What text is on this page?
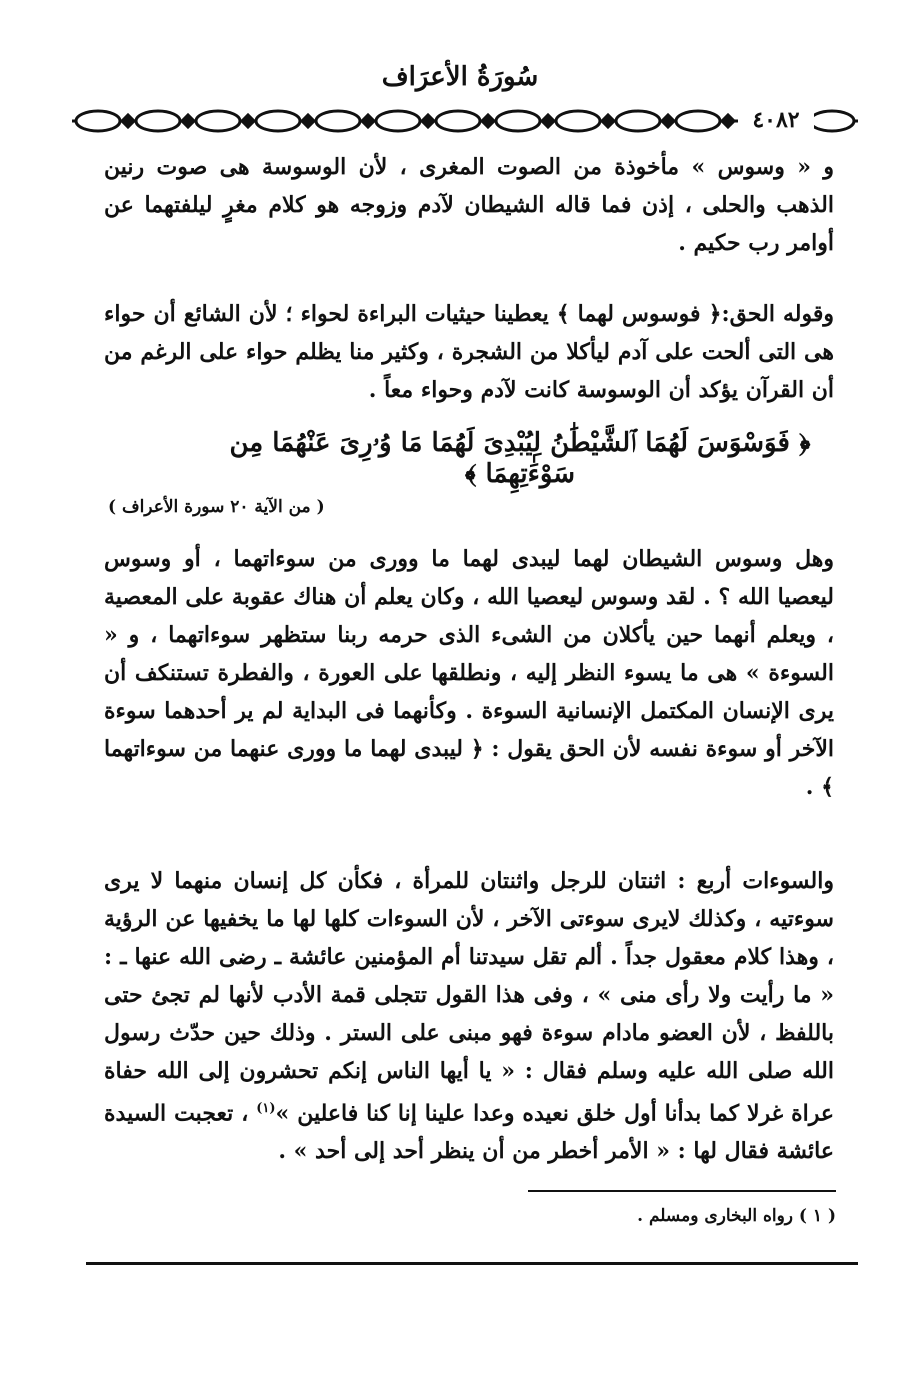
سُورَةُ الأعرَاف
٤٠٨٢
و « وسوس » مأخوذة من الصوت المغرى ، لأن الوسوسة هى صوت رنين الذهب والحلى ، إذن فما قاله الشيطان لآدم وزوجه هو كلام مغرٍ ليلفتهما عن أوامر رب حكيم .
وقوله الحق:﴿ فوسوس لهما ﴾ يعطينا حيثيات البراءة لحواء ؛ لأن الشائع أن حواء هى التى ألحت على آدم ليأكلا من الشجرة ، وكثير منا يظلم حواء على الرغم من أن القرآن يؤكد أن الوسوسة كانت لآدم وحواء معاً .
﴿ فَوَسْوَسَ لَهُمَا ٱلشَّيْطَٰنُ لِيُبْدِىَ لَهُمَا مَا وُۥرِىَ عَنْهُمَا مِن سَوْءَٰتِهِمَا ﴾
( من الآية ٢٠ سورة الأعراف )
وهل وسوس الشيطان لهما ليبدى لهما ما وورى من سوءاتهما ، أو وسوس ليعصيا الله ؟ . لقد وسوس ليعصيا الله ، وكان يعلم أن هناك عقوبة على المعصية ، ويعلم أنهما حين يأكلان من الشىء الذى حرمه ربنا ستظهر سوءاتهما ، و « السوءة » هى ما يسوء النظر إليه ، ونطلقها على العورة ، والفطرة تستنكف أن يرى الإنسان المكتمل الإنسانية السوءة . وكأنهما فى البداية لم ير أحدهما سوءة الآخر أو سوءة نفسه لأن الحق يقول : ﴿ ليبدى لهما ما وورى عنهما من سوءاتهما ﴾ .
والسوءات أربع : اثنتان للرجل واثنتان للمرأة ، فكأن كل إنسان منهما لا يرى سوءتيه ، وكذلك لايرى سوءتى الآخر ، لأن السوءات كلها لها ما يخفيها عن الرؤية ، وهذا كلام معقول جداً . ألم تقل سيدتنا أم المؤمنين عائشة ـ رضى الله عنها ـ : « ما رأيت ولا رأى منى » ، وفى هذا القول تتجلى قمة الأدب لأنها لم تجئ حتى باللفظ ، لأن العضو مادام سوءة فهو مبنى على الستر . وذلك حين حدّث رسول الله صلى الله عليه وسلم فقال : « يا أيها الناس إنكم تحشرون إلى الله حفاة عراة غرلا كما بدأنا أول خلق نعيده وعدا علينا إنا كنا فاعلين »$^{(١)}$ ، تعجبت السيدة عائشة فقال لها : « الأمر أخطر من أن ينظر أحد إلى أحد » .
( ١ ) رواه البخارى ومسلم .
